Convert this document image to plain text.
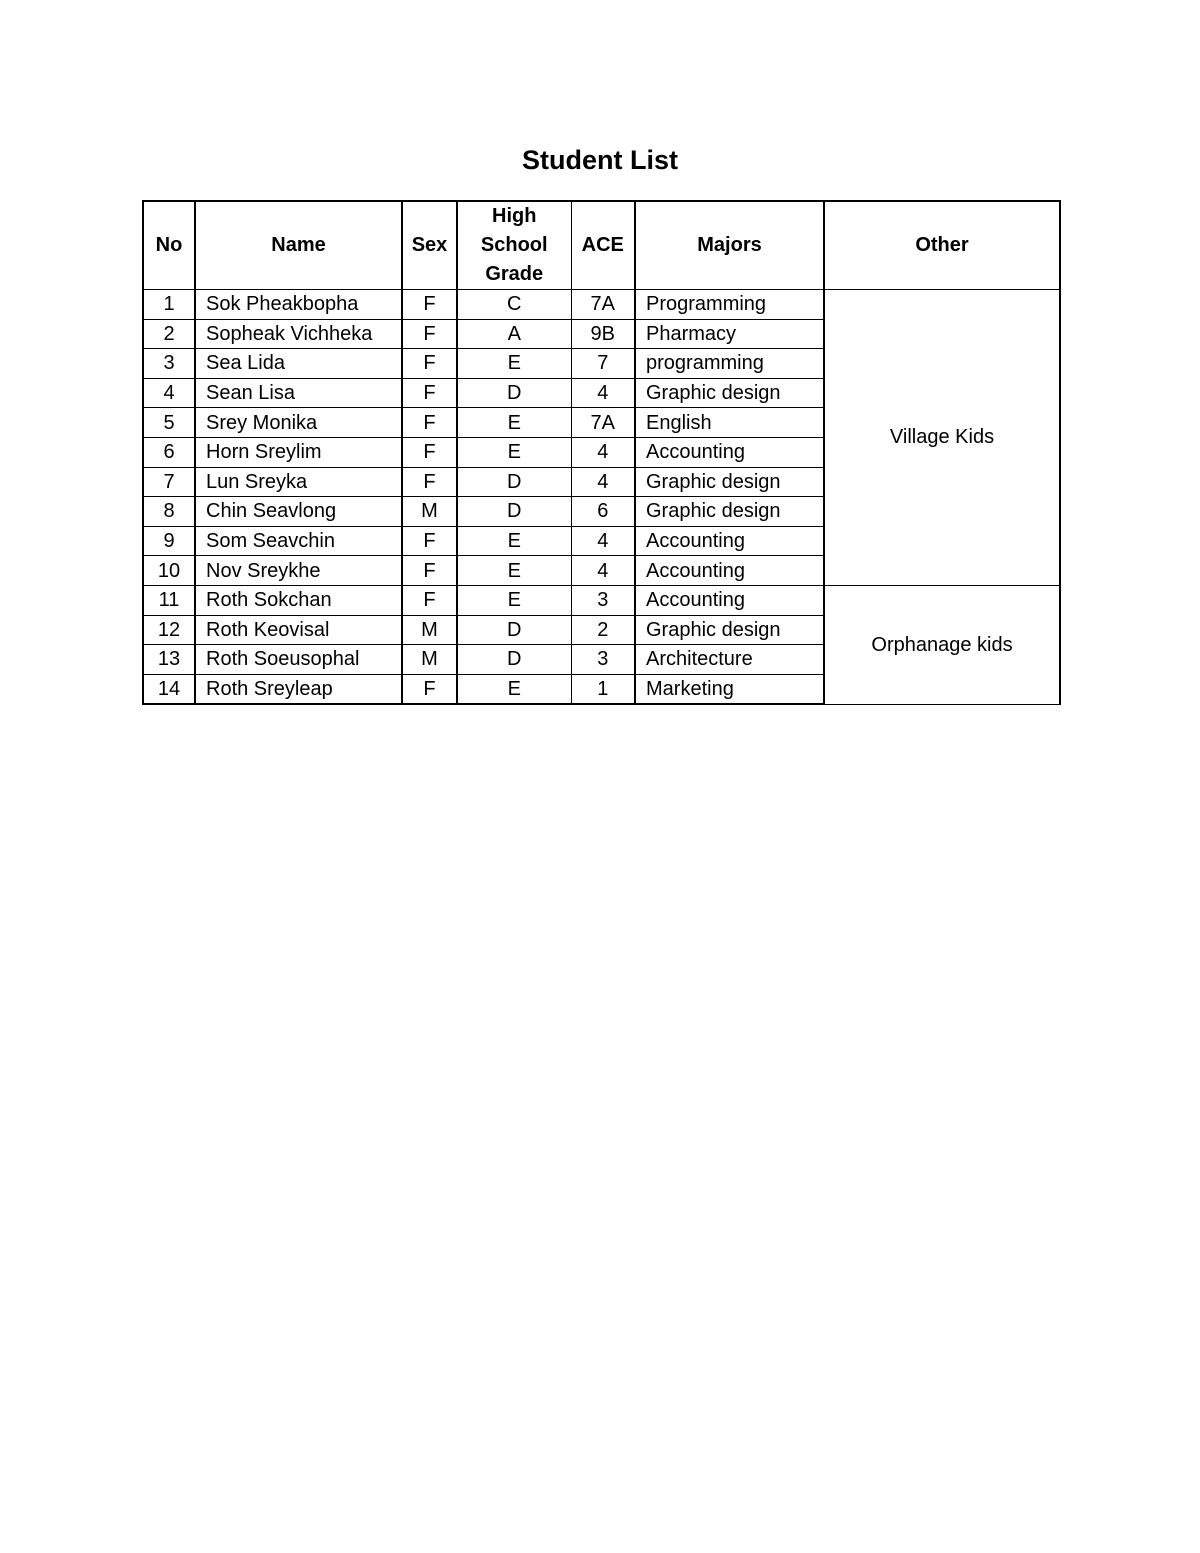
Student List
No	Name	Sex	High School Grade	ACE	Majors	Other
1	Sok Pheakbopha	F	C	7A	Programming	Village Kids
2	Sopheak Vichheka	F	A	9B	Pharmacy	
3	Sea Lida	F	E	7	programming	
4	Sean Lisa	F	D	4	Graphic design	
5	Srey Monika	F	E	7A	English	
6	Horn Sreylim	F	E	4	Accounting	
7	Lun Sreyka	F	D	4	Graphic design	
8	Chin Seavlong	M	D	6	Graphic design	
9	Som Seavchin	F	E	4	Accounting	
10	Nov Sreykhe	F	E	4	Accounting	
11	Roth Sokchan	F	E	3	Accounting	Orphanage kids
12	Roth Keovisal	M	D	2	Graphic design	
13	Roth Soeusophal	M	D	3	Architecture	
14	Roth Sreyleap	F	E	1	Marketing	
